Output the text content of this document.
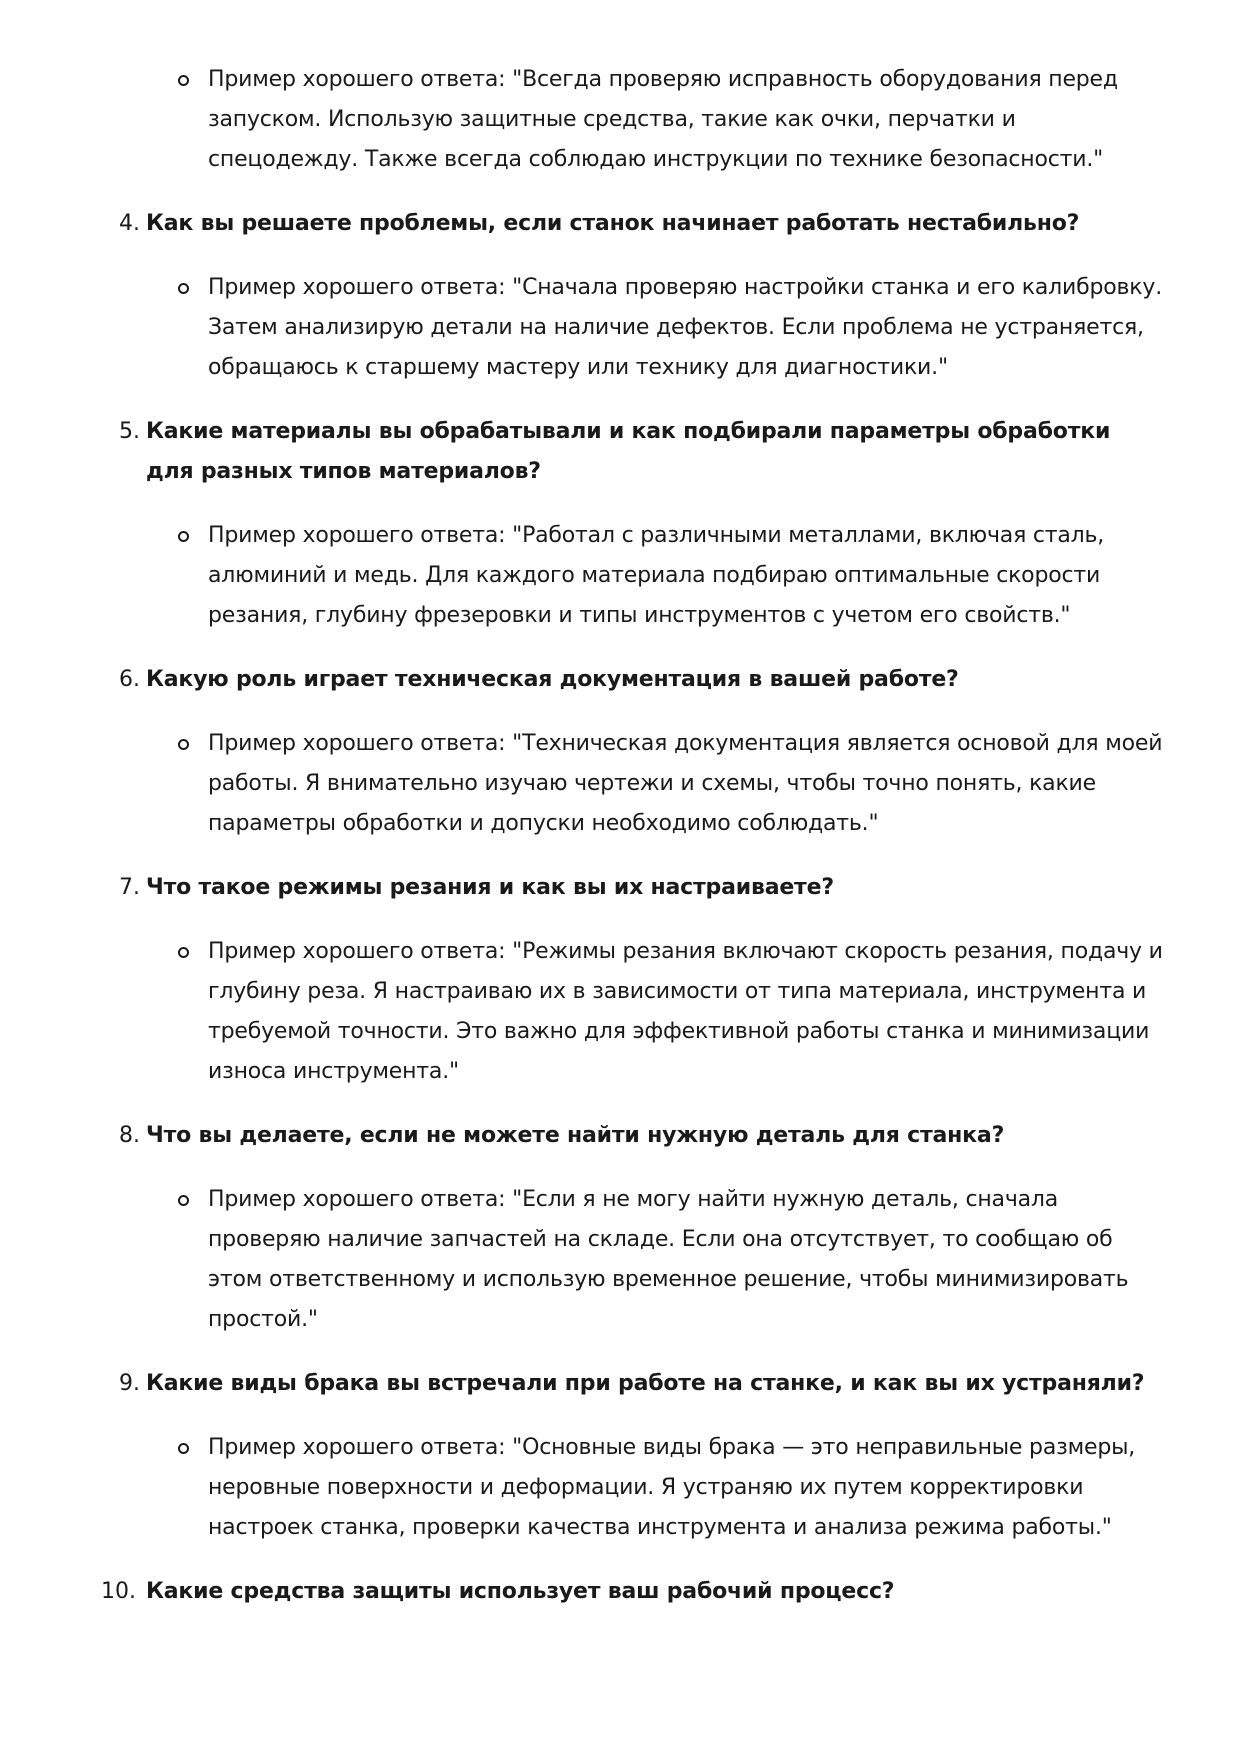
Пример хорошего ответа: "Всегда проверяю исправность оборудования перед запуском. Использую защитные средства, такие как очки, перчатки и спецодежду. Также всегда соблюдаю инструкции по технике безопасности."
4. Как вы решаете проблемы, если станок начинает работать нестабильно?
Пример хорошего ответа: "Сначала проверяю настройки станка и его калибровку. Затем анализирую детали на наличие дефектов. Если проблема не устраняется, обращаюсь к старшему мастеру или технику для диагностики."
5. Какие материалы вы обрабатывали и как подбирали параметры обработки для разных типов материалов?
Пример хорошего ответа: "Работал с различными металлами, включая сталь, алюминий и медь. Для каждого материала подбираю оптимальные скорости резания, глубину фрезеровки и типы инструментов с учетом его свойств."
6. Какую роль играет техническая документация в вашей работе?
Пример хорошего ответа: "Техническая документация является основой для моей работы. Я внимательно изучаю чертежи и схемы, чтобы точно понять, какие параметры обработки и допуски необходимо соблюдать."
7. Что такое режимы резания и как вы их настраиваете?
Пример хорошего ответа: "Режимы резания включают скорость резания, подачу и глубину реза. Я настраиваю их в зависимости от типа материала, инструмента и требуемой точности. Это важно для эффективной работы станка и минимизации износа инструмента."
8. Что вы делаете, если не можете найти нужную деталь для станка?
Пример хорошего ответа: "Если я не могу найти нужную деталь, сначала проверяю наличие запчастей на складе. Если она отсутствует, то сообщаю об этом ответственному и использую временное решение, чтобы минимизировать простой."
9. Какие виды брака вы встречали при работе на станке, и как вы их устраняли?
Пример хорошего ответа: "Основные виды брака — это неправильные размеры, неровные поверхности и деформации. Я устраняю их путем корректировки настроек станка, проверки качества инструмента и анализа режима работы."
10. Какие средства защиты использует ваш рабочий процесс?
